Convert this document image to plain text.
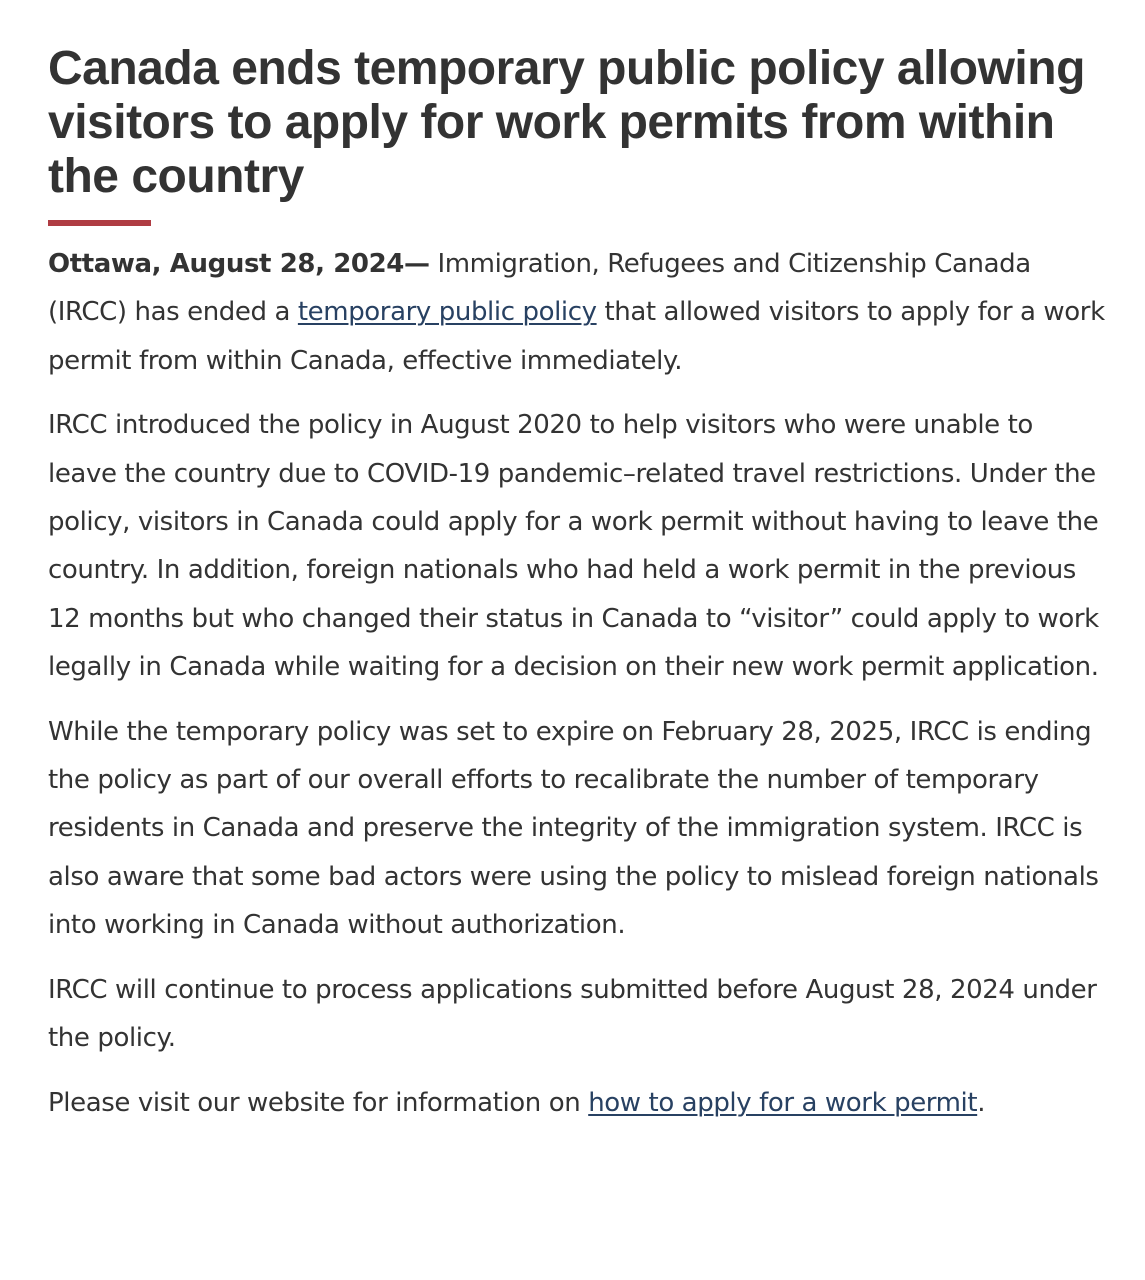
Canada ends temporary public policy allowing visitors to apply for work permits from within the country

Ottawa, August 28, 2024— Immigration, Refugees and Citizenship Canada (IRCC) has ended a temporary public policy that allowed visitors to apply for a work permit from within Canada, effective immediately.

IRCC introduced the policy in August 2020 to help visitors who were unable to leave the country due to COVID-19 pandemic–related travel restrictions. Under the policy, visitors in Canada could apply for a work permit without having to leave the country. In addition, foreign nationals who had held a work permit in the previous 12 months but who changed their status in Canada to “visitor” could apply to work legally in Canada while waiting for a decision on their new work permit application.

While the temporary policy was set to expire on February 28, 2025, IRCC is ending the policy as part of our overall efforts to recalibrate the number of temporary residents in Canada and preserve the integrity of the immigration system. IRCC is also aware that some bad actors were using the policy to mislead foreign nationals into working in Canada without authorization.

IRCC will continue to process applications submitted before August 28, 2024 under the policy.

Please visit our website for information on how to apply for a work permit.
